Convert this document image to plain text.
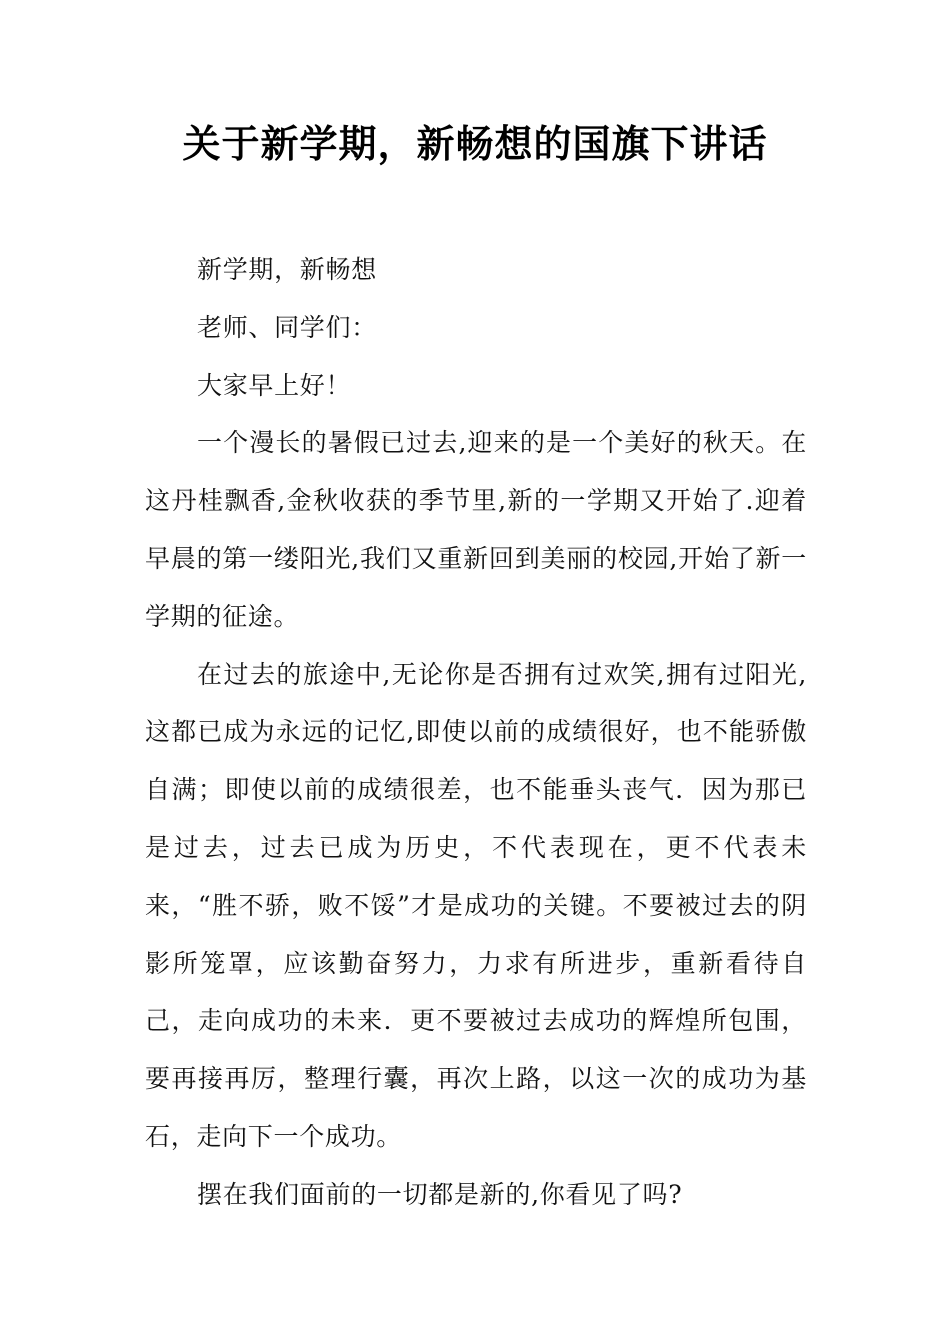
关于新学期，新畅想的国旗下讲话

新学期，新畅想

老师、同学们：

大家早上好！

一个漫长的暑假已过去,迎来的是一个美好的秋天。在这丹桂飘香,金秋收获的季节里,新的一学期又开始了.迎着早晨的第一缕阳光,我们又重新回到美丽的校园,开始了新一学期的征途。

在过去的旅途中,无论你是否拥有过欢笑,拥有过阳光,这都已成为永远的记忆,即使以前的成绩很好，也不能骄傲自满；即使以前的成绩很差，也不能垂头丧气．因为那已是过去，过去已成为历史，不代表现在，更不代表未来，“胜不骄，败不馁”才是成功的关键。不要被过去的阴影所笼罩，应该勤奋努力，力求有所进步，重新看待自己，走向成功的未来．更不要被过去成功的辉煌所包围，要再接再厉，整理行囊，再次上路，以这一次的成功为基石，走向下一个成功。

摆在我们面前的一切都是新的,你看见了吗?
